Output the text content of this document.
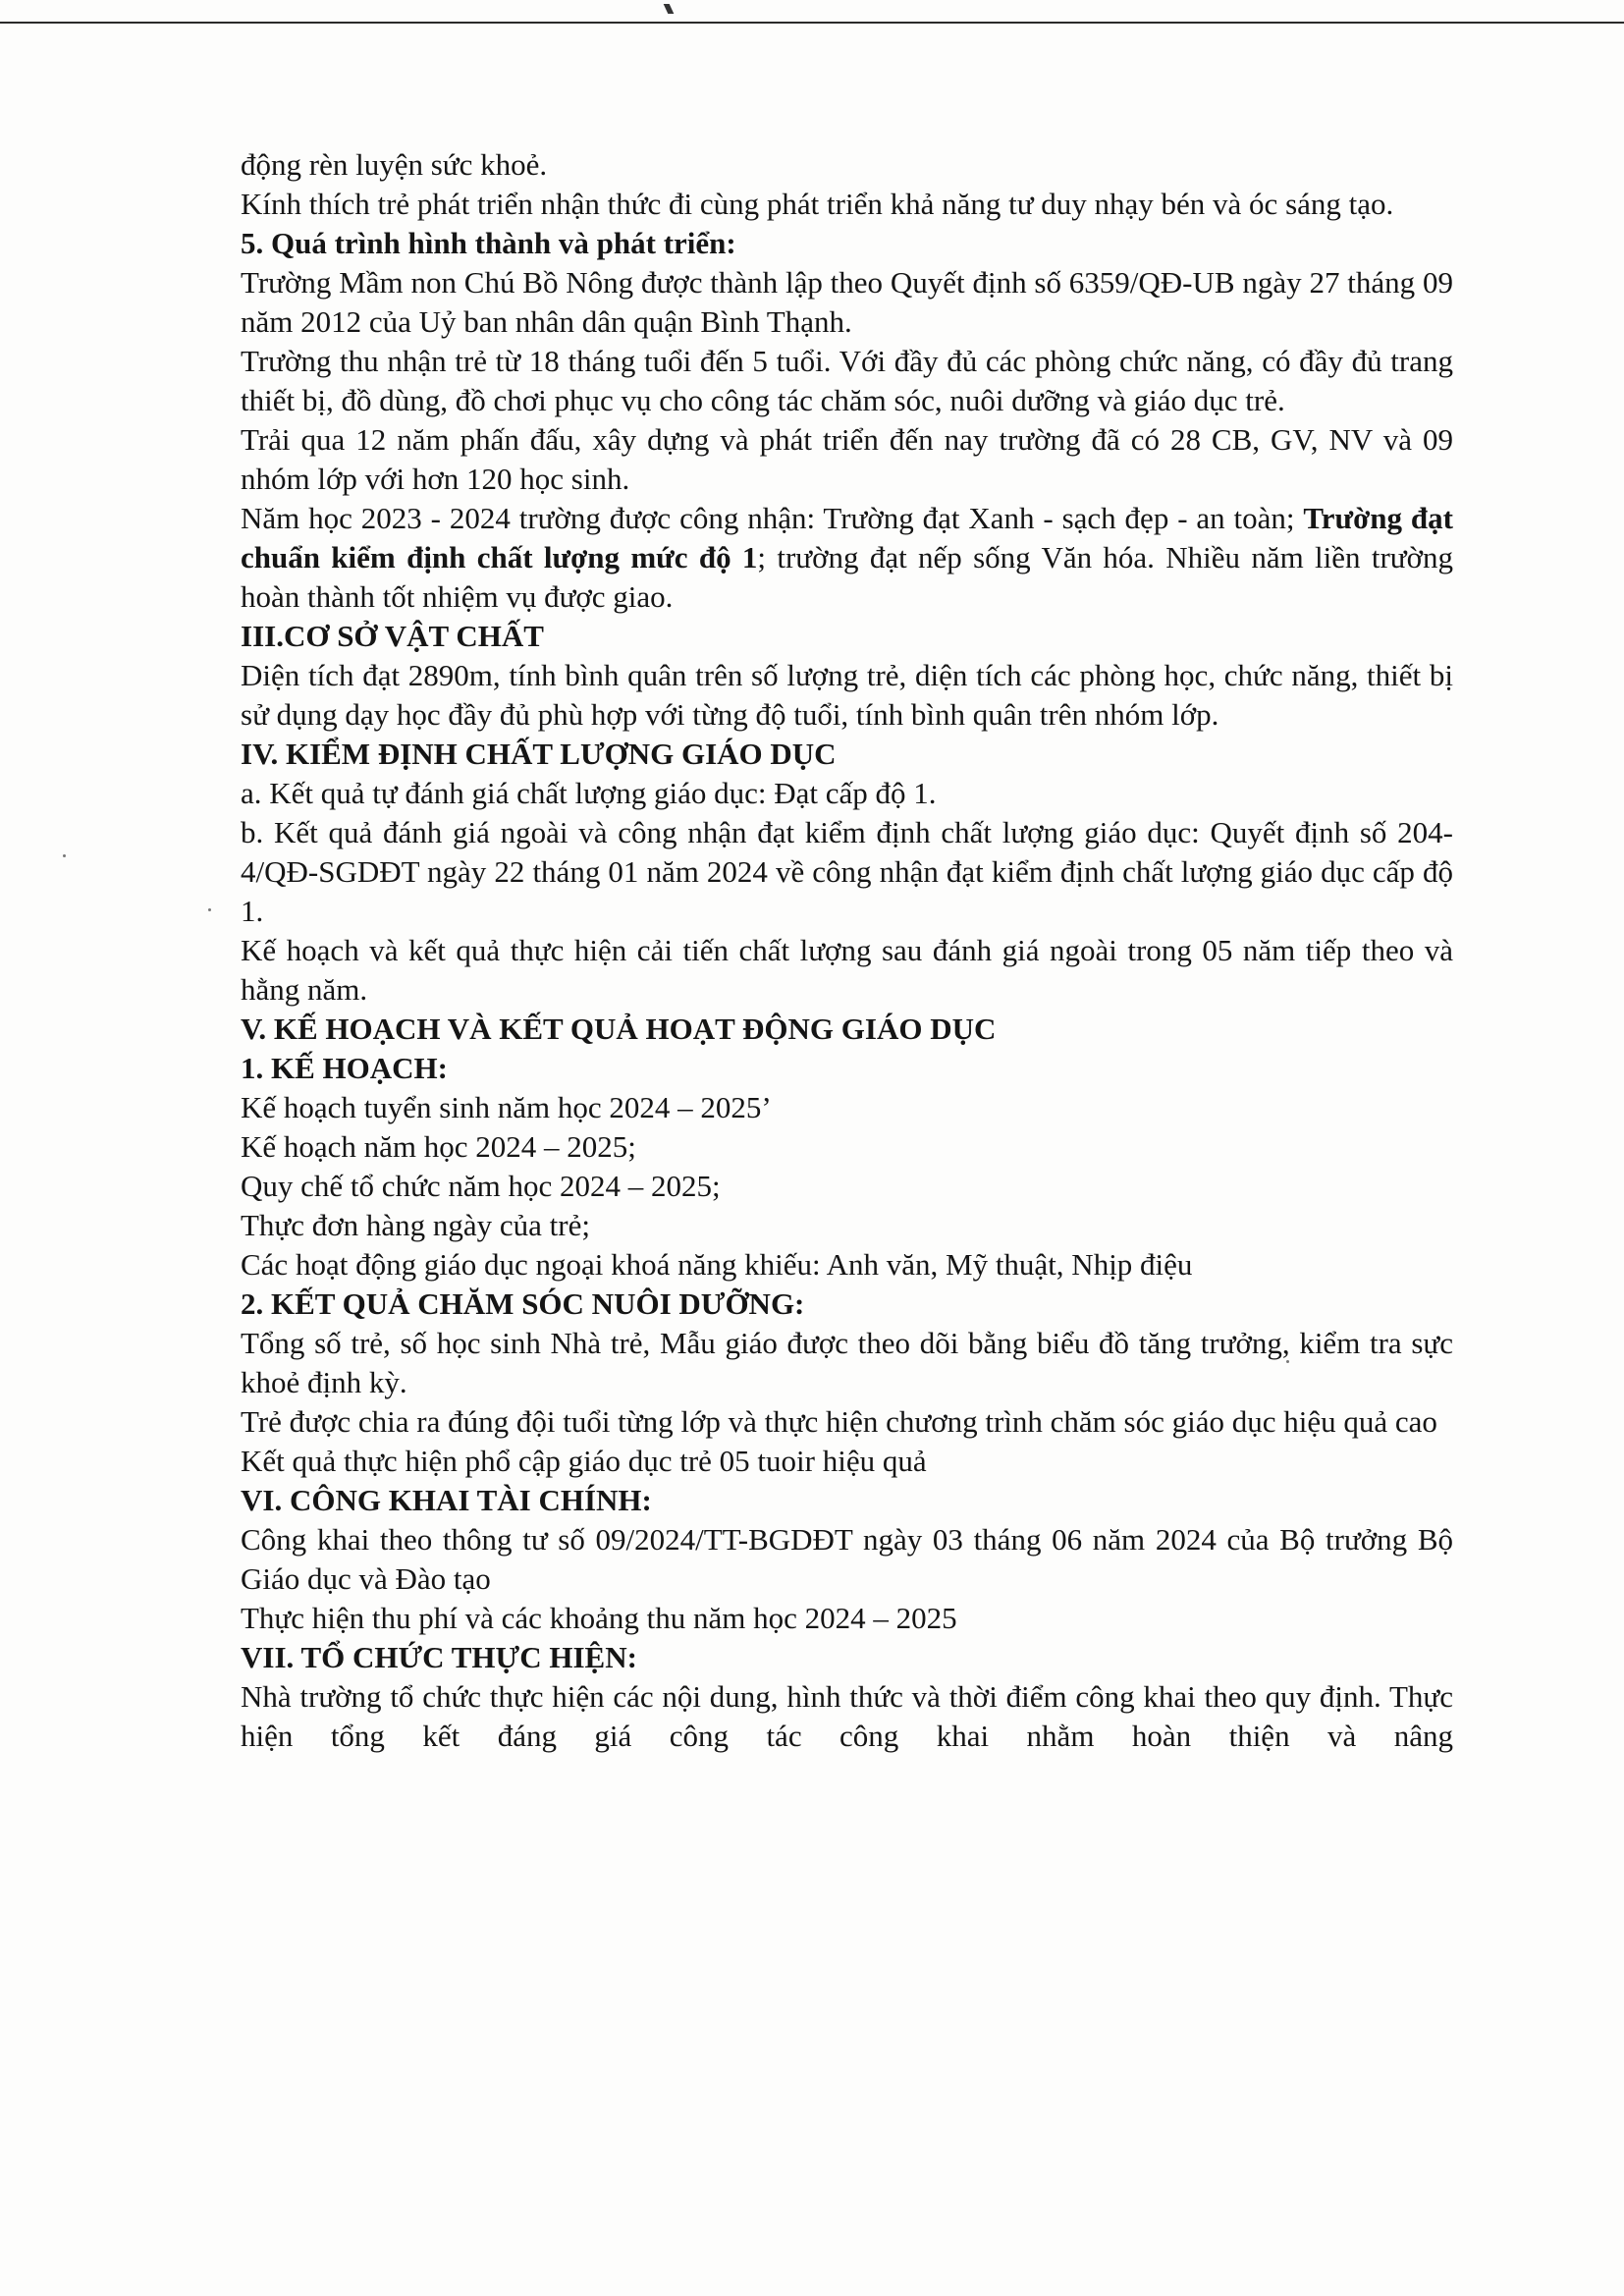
động rèn luyện sức khoẻ.

Kính thích trẻ phát triển nhận thức đi cùng phát triển khả năng tư duy nhạy bén và óc sáng tạo.

5. Quá trình hình thành và phát triển:

Trường Mầm non Chú Bồ Nông được thành lập theo Quyết định số 6359/QĐ-UB ngày 27 tháng 09 năm 2012 của Uỷ ban nhân dân quận Bình Thạnh.

Trường thu nhận trẻ từ 18 tháng tuổi đến 5 tuổi. Với đầy đủ các phòng chức năng, có đầy đủ trang thiết bị, đồ dùng, đồ chơi phục vụ cho công tác chăm sóc, nuôi dưỡng và giáo dục trẻ.

Trải qua 12 năm phấn đấu, xây dựng và phát triển đến nay trường đã có 28 CB, GV, NV và 09 nhóm lớp với hơn 120 học sinh.

Năm học 2023 - 2024 trường được công nhận: Trường đạt Xanh - sạch đẹp - an toàn; Trường đạt chuẩn kiểm định chất lượng mức độ 1; trường đạt nếp sống Văn hóa. Nhiều năm liền trường hoàn thành tốt nhiệm vụ được giao.

III.CƠ SỞ VẬT CHẤT

Diện tích đạt 2890m, tính bình quân trên số lượng trẻ, diện tích các phòng học, chức năng, thiết bị sử dụng dạy học đầy đủ phù hợp với từng độ tuổi, tính bình quân trên nhóm lớp.

IV. KIỂM ĐỊNH CHẤT LƯỢNG GIÁO DỤC

a. Kết quả tự đánh giá chất lượng giáo dục: Đạt cấp độ 1.

b. Kết quả đánh giá ngoài và công nhận đạt kiểm định chất lượng giáo dục: Quyết định số 204-4/QĐ-SGDĐT ngày 22 tháng 01 năm 2024 về công nhận đạt kiểm định chất lượng giáo dục cấp độ 1.

Kế hoạch và kết quả thực hiện cải tiến chất lượng sau đánh giá ngoài trong 05 năm tiếp theo và hằng năm.

V. KẾ HOẠCH VÀ KẾT QUẢ HOẠT ĐỘNG GIÁO DỤC

1. KẾ HOẠCH:

Kế hoạch tuyển sinh năm học 2024 – 2025’

Kế hoạch năm học 2024 – 2025;

Quy chế tổ chức năm học 2024 – 2025;

Thực đơn hàng ngày của trẻ;

Các hoạt động giáo dục ngoại khoá năng khiếu: Anh văn, Mỹ thuật, Nhịp điệu

2. KẾT QUẢ CHĂM SÓC NUÔI DƯỠNG:

Tổng số trẻ, số học sinh Nhà trẻ, Mẫu giáo được theo dõi bằng biểu đồ tăng trưởng, kiểm tra sực khoẻ định kỳ.

Trẻ được chia ra đúng đội tuổi từng lớp và thực hiện chương trình chăm sóc giáo dục hiệu quả cao

Kết quả thực hiện phổ cập giáo dục trẻ 05 tuoir hiệu quả

VI. CÔNG KHAI TÀI CHÍNH:

Công khai theo thông tư số 09/2024/TT-BGDĐT ngày 03 tháng 06 năm 2024 của Bộ trưởng Bộ Giáo dục và Đào tạo

Thực hiện thu phí và các khoảng thu năm học 2024 – 2025

VII. TỔ CHỨC THỰC HIỆN:

Nhà trường tổ chức thực hiện các nội dung, hình thức và thời điểm công khai theo quy định. Thực hiện tổng kết đáng giá công tác công khai nhằm hoàn thiện và nâng
